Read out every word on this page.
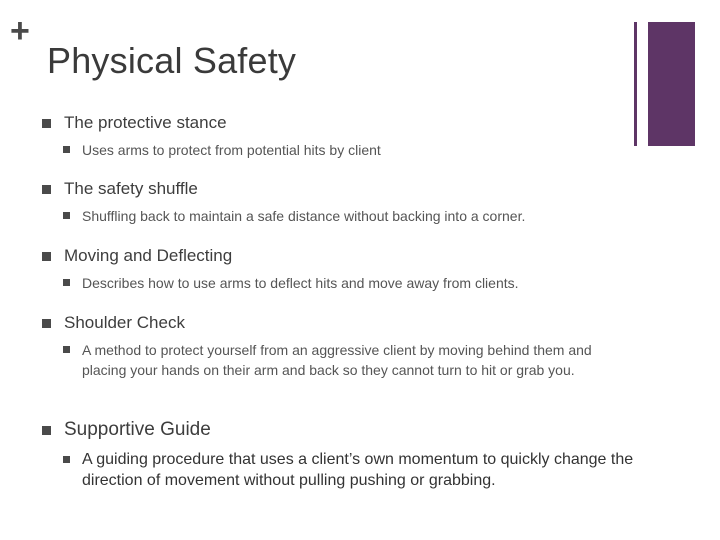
+
Physical Safety
The protective stance
Uses arms to protect from potential hits by client
The safety shuffle
Shuffling back to maintain a safe distance without backing into a corner.
Moving and Deflecting
Describes how to use arms to deflect hits and move away from clients.
Shoulder Check
A method to protect yourself from an aggressive client by moving behind them and placing your hands on their arm and back so they cannot turn to hit or grab you.
Supportive Guide
A guiding procedure that uses a client’s own momentum to quickly change the direction of movement without pulling pushing or grabbing.
